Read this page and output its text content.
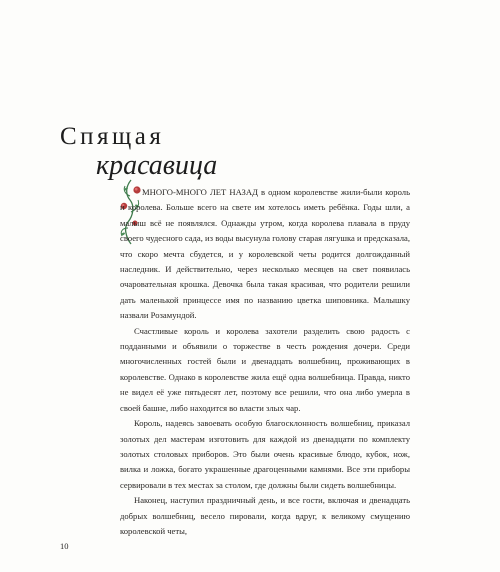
Спящая
красавица

МНОГО-МНОГО ЛЕТ НАЗАД в одном королевстве жили-были король и королева. Больше всего на свете им хотелось иметь ребёнка. Годы шли, а малыш всё не появлялся. Однажды утром, когда королева плавала в пруду своего чудесного сада, из воды высунула голову старая лягушка и предсказала, что скоро мечта сбудется, и у королевской четы родится долгожданный наследник. И действительно, через несколько месяцев на свет появилась очаровательная крошка. Девочка была такая красивая, что родители решили дать маленькой принцессе имя по названию цветка шиповника. Малышку назвали Розамундой.

Счастливые король и королева захотели разделить свою радость с подданными и объявили о торжестве в честь рождения дочери. Среди многочисленных гостей были и двенадцать волшебниц, проживающих в королевстве. Однако в королевстве жила ещё одна волшебница. Правда, никто не видел её уже пятьдесят лет, поэтому все решили, что она либо умерла в своей башне, либо находится во власти злых чар.

Король, надеясь завоевать особую благосклонность волшебниц, приказал золотых дел мастерам изготовить для каждой из двенадцати по комплекту золотых столовых приборов. Это были очень красивые блюдо, кубок, нож, вилка и ложка, богато украшенные драгоценными камнями. Все эти приборы сервировали в тех местах за столом, где должны были сидеть волшебницы.

Наконец, наступил праздничный день, и все гости, включая и двенадцать добрых волшебниц, весело пировали, когда вдруг, к великому смущению королевской четы,

10
